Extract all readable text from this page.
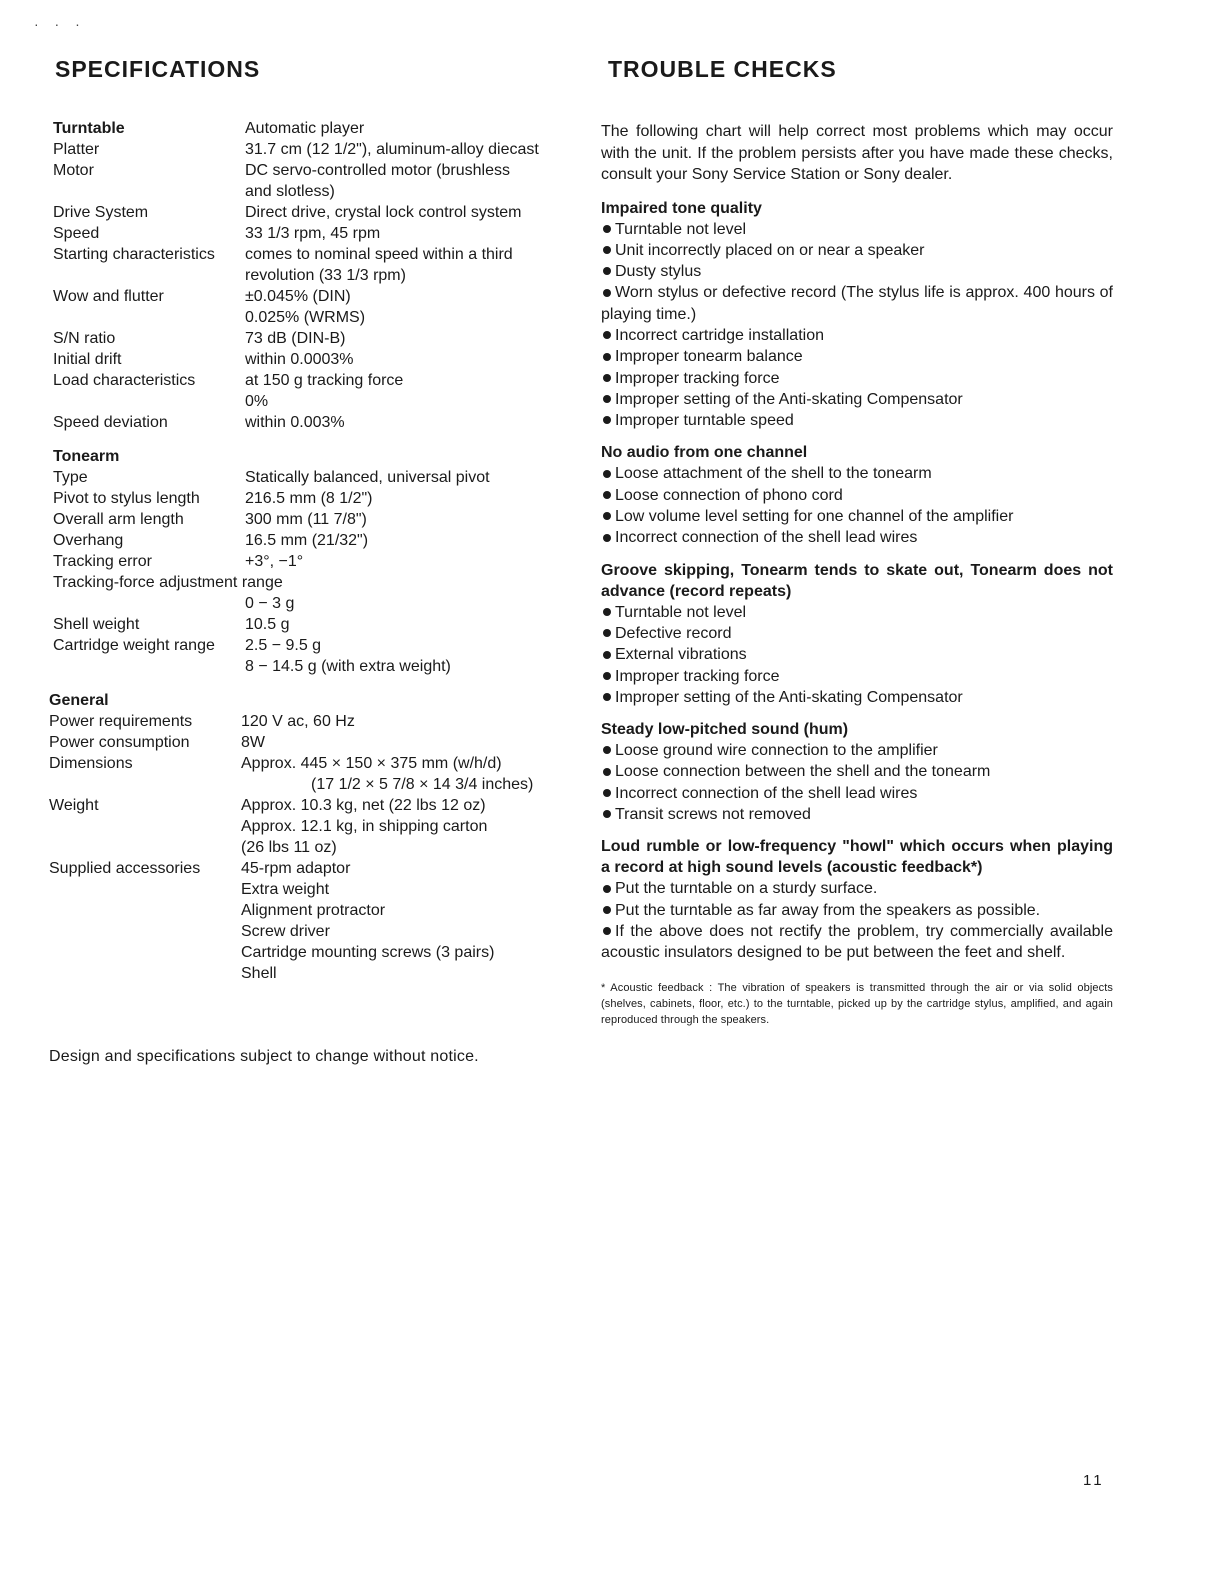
· · ·
SPECIFICATIONS	TROUBLE CHECKS
Turntable	Automatic player
Platter	31.7 cm (12 1/2"), aluminum-alloy diecast
Motor	DC servo-controlled motor (brushless
and slotless)
Drive System	Direct drive, crystal lock control system
Speed	33 1/3 rpm, 45 rpm
Starting characteristics	comes to nominal speed within a third
revolution (33 1/3 rpm)
Wow and flutter	±0.045% (DIN)
0.025% (WRMS)
S/N ratio	73 dB (DIN-B)
Initial drift	within 0.0003%
Load characteristics	at 150 g tracking force
0%
Speed deviation	within 0.003%
Tonearm
Type	Statically balanced, universal pivot
Pivot to stylus length	216.5 mm (8 1/2")
Overall arm length	300 mm (11 7/8")
Overhang	16.5 mm (21/32")
Tracking error	+3°, −1°
Tracking-force adjustment range
0 − 3 g
Shell weight	10.5 g
Cartridge weight range	2.5 − 9.5 g
8 − 14.5 g (with extra weight)
General
Power requirements	120 V ac, 60 Hz
Power consumption	8W
Dimensions	Approx. 445 × 150 × 375 mm (w/h/d)
(17 1/2 × 5 7/8 × 14 3/4 inches)
Weight	Approx. 10.3 kg, net (22 lbs 12 oz)
Approx. 12.1 kg, in shipping carton
(26 lbs 11 oz)
Supplied accessories	45-rpm adaptor
Extra weight
Alignment protractor
Screw driver
Cartridge mounting screws (3 pairs)
Shell

Design and specifications subject to change without notice.

The following chart will help correct most problems which may occur with the unit. If the problem persists after you have made these checks, consult your Sony Service Station or Sony dealer.

Impaired tone quality
Turntable not level
Unit incorrectly placed on or near a speaker
Dusty stylus
Worn stylus or defective record (The stylus life is approx. 400 hours of playing time.)
Incorrect cartridge installation
Improper tonearm balance
Improper tracking force
Improper setting of the Anti-skating Compensator
Improper turntable speed
No audio from one channel
Loose attachment of the shell to the tonearm
Loose connection of phono cord
Low volume level setting for one channel of the amplifier
Incorrect connection of the shell lead wires
Groove skipping, Tonearm tends to skate out, Tonearm does not advance (record repeats)
Turntable not level
Defective record
External vibrations
Improper tracking force
Improper setting of the Anti-skating Compensator
Steady low-pitched sound (hum)
Loose ground wire connection to the amplifier
Loose connection between the shell and the tonearm
Incorrect connection of the shell lead wires
Transit screws not removed
Loud rumble or low-frequency "howl" which occurs when playing a record at high sound levels (acoustic feedback*)
Put the turntable on a sturdy surface.
Put the turntable as far away from the speakers as possible.
If the above does not rectify the problem, try commercially available acoustic insulators designed to be put between the feet and shelf.

* Acoustic feedback : The vibration of speakers is transmitted through the air or via solid objects (shelves, cabinets, floor, etc.) to the turntable, picked up by the cartridge stylus, amplified, and again reproduced through the speakers.

11
